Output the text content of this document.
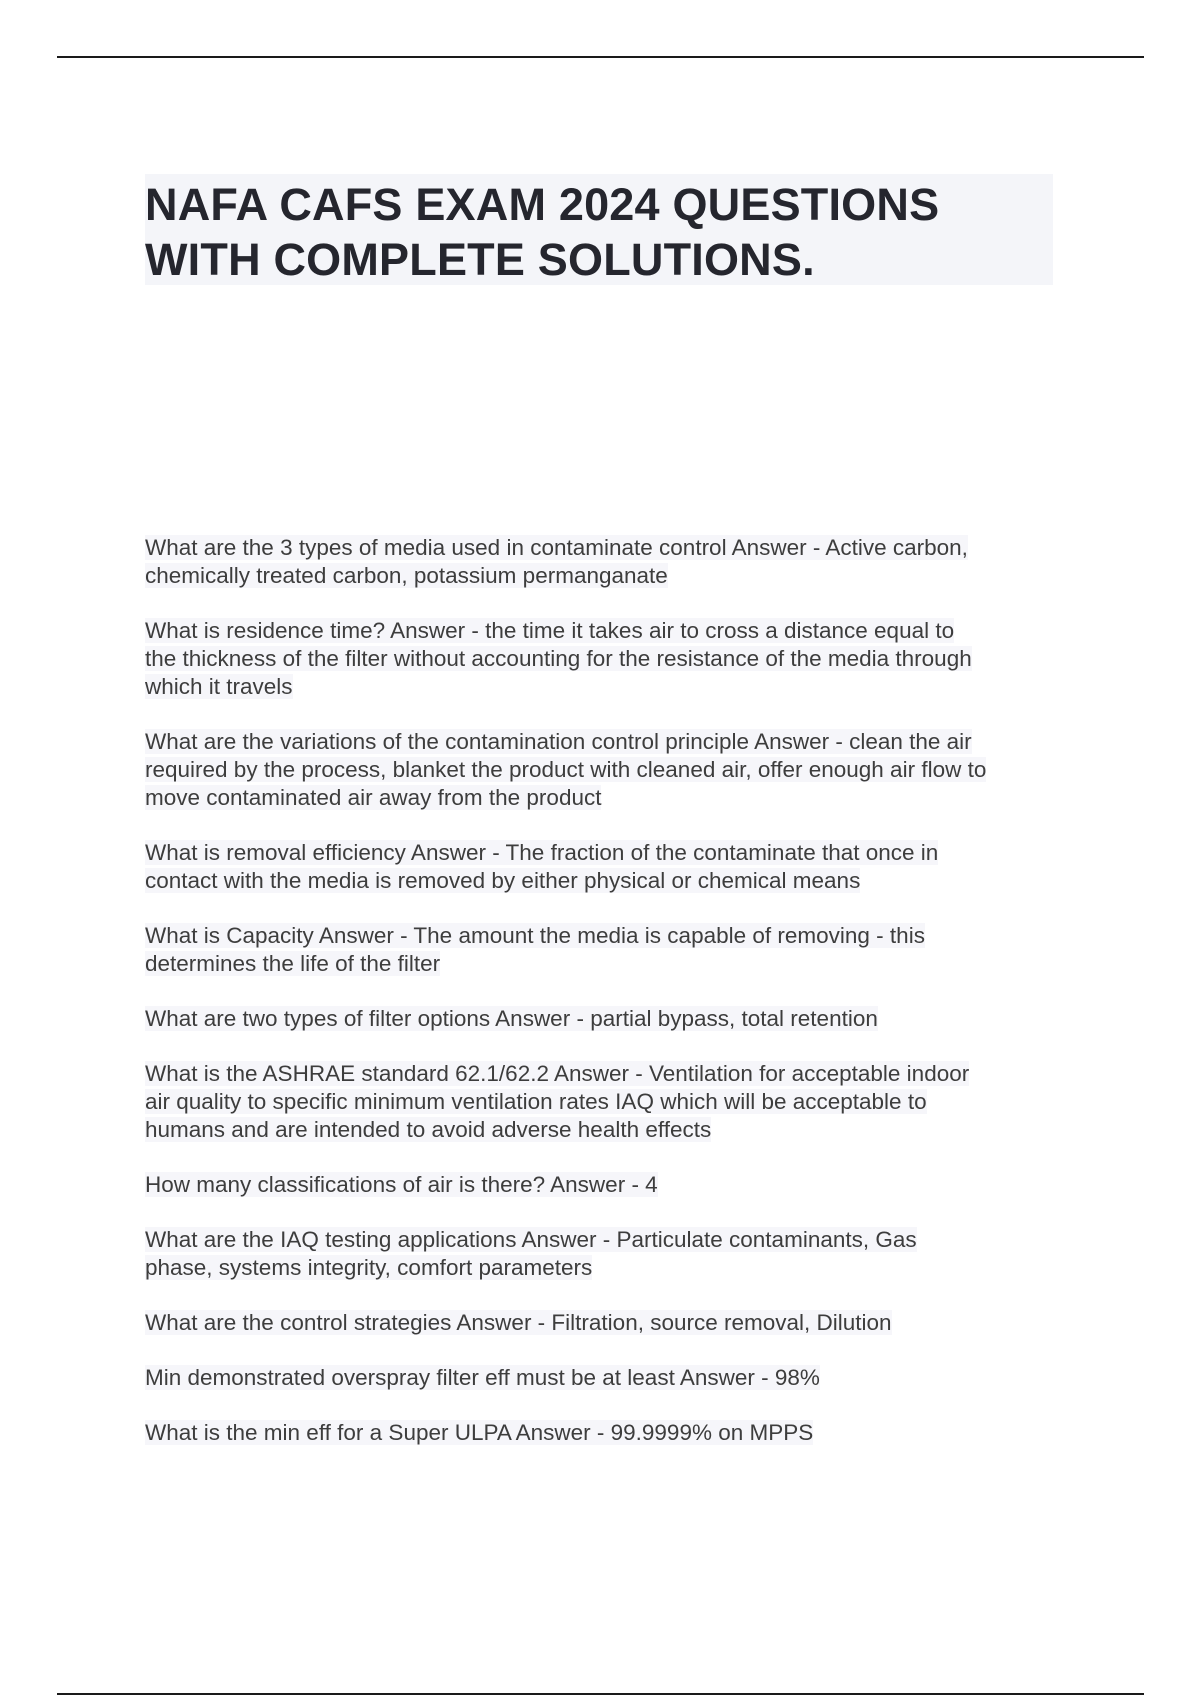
NAFA CAFS EXAM 2024 QUESTIONS
WITH COMPLETE SOLUTIONS.

What are the 3 types of media used in contaminate control Answer - Active carbon,
chemically treated carbon, potassium permanganate

What is residence time? Answer - the time it takes air to cross a distance equal to
the thickness of the filter without accounting for the resistance of the media through
which it travels

What are the variations of the contamination control principle Answer - clean the air
required by the process, blanket the product with cleaned air, offer enough air flow to
move contaminated air away from the product

What is removal efficiency Answer - The fraction of the contaminate that once in
contact with the media is removed by either physical or chemical means

What is Capacity Answer - The amount the media is capable of removing - this
determines the life of the filter

What are two types of filter options Answer - partial bypass, total retention

What is the ASHRAE standard 62.1/62.2 Answer - Ventilation for acceptable indoor
air quality to specific minimum ventilation rates IAQ which will be acceptable to
humans and are intended to avoid adverse health effects

How many classifications of air is there? Answer - 4

What are the IAQ testing applications Answer - Particulate contaminants, Gas
phase, systems integrity, comfort parameters

What are the control strategies Answer - Filtration, source removal, Dilution

Min demonstrated overspray filter eff must be at least Answer - 98%

What is the min eff for a Super ULPA Answer - 99.9999% on MPPS
